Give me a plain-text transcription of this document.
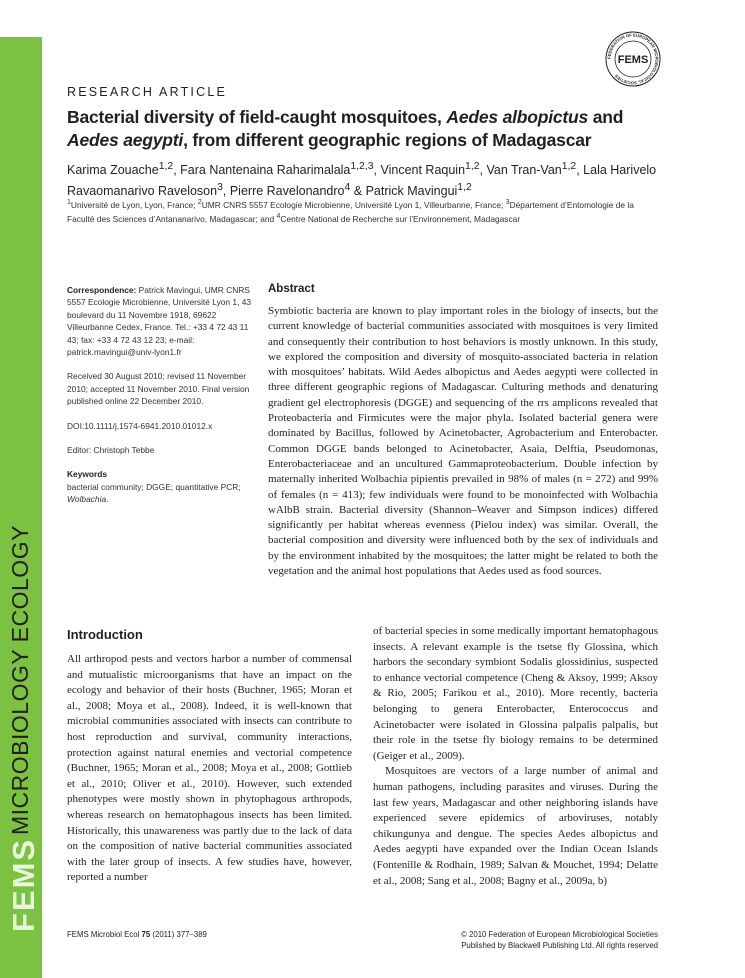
FEMS
MICROBIOLOGY ECOLOGY
FEDERATION OF EUROPEAN MICROBIOLOGICAL SOCIETIES
FEMS
RESEARCH ARTICLE
Bacterial diversity of field-caught mosquitoes, Aedes albopictus and Aedes aegypti, from different geographic regions of Madagascar
Karima Zouache$^{1,2}$, Fara Nantenaina Raharimalala$^{1,2,3}$, Vincent Raquin$^{1,2}$, Van Tran-Van$^{1,2}$, Lala Harivelo Ravaomanarivo Raveloson$^3$, Pierre Ravelonandro$^4$ & Patrick Mavingui$^{1,2}$
$^1$Université de Lyon, Lyon, France; $^2$UMR CNRS 5557 Ecologie Microbienne, Université Lyon 1, Villeurbanne, France; $^3$Département d’Entomologie de la Faculté des Sciences d’Antananarivo, Madagascar; and $^4$Centre National de Recherche sur l’Environnement, Madagascar
Correspondence: Patrick Mavingui, UMR CNRS 5557 Ecologie Microbienne, Université Lyon 1, 43 boulevard du 11 Novembre 1918, 69622 Villeurbanne Cedex, France. Tel.: +33 4 72 43 11 43; fax: +33 4 72 43 12 23; e-mail: patrick.mavingui@univ-lyon1.fr
Received 30 August 2010; revised 11 November 2010; accepted 11 November 2010. Final version published online 22 December 2010.
DOI:10.1111/j.1574-6941.2010.01012.x
Editor: Christoph Tebbe
Keywords
bacterial community; DGGE; quantitative PCR; Wolbachia.
Abstract
Symbiotic bacteria are known to play important roles in the biology of insects, but the current knowledge of bacterial communities associated with mosquitoes is very limited and consequently their contribution to host behaviors is mostly unknown. In this study, we explored the composition and diversity of mosquito-associated bacteria in relation with mosquitoes’ habitats. Wild Aedes albopictus and Aedes aegypti were collected in three different geographic regions of Madagascar. Culturing methods and denaturing gradient gel electrophoresis (DGGE) and sequencing of the rrs amplicons revealed that Proteobacteria and Firmicutes were the major phyla. Isolated bacterial genera were dominated by Bacillus, followed by Acinetobacter, Agrobacterium and Enterobacter. Common DGGE bands belonged to Acinetobacter, Asaia, Delftia, Pseudomonas, Enterobacteriaceae and an uncultured Gammaproteobacterium. Double infection by maternally inherited Wolbachia pipientis prevailed in 98% of males (n = 272) and 99% of females (n = 413); few individuals were found to be monoinfected with Wolbachia wAlbB strain. Bacterial diversity (Shannon–Weaver and Simpson indices) differed significantly per habitat whereas evenness (Pielou index) was similar. Overall, the bacterial composition and diversity were influenced both by the sex of individuals and by the environment inhabited by the mosquitoes; the latter might be related to both the vegetation and the animal host populations that Aedes used as food sources.
Introduction

All arthropod pests and vectors harbor a number of commensal and mutualistic microorganisms that have an impact on the ecology and behavior of their hosts (Buchner, 1965; Moran et al., 2008; Moya et al., 2008). Indeed, it is well-known that microbial communities associated with insects can contribute to host reproduction and survival, community interactions, protection against natural enemies and vectorial competence (Buchner, 1965; Moran et al., 2008; Moya et al., 2008; Gottlieb et al., 2010; Oliver et al., 2010). However, such extended phenotypes were mostly shown in phytophagous arthropods, whereas research on hematophagous insects has been limited. Historically, this unawareness was partly due to the lack of data on the composition of native bacterial communities associated with the later group of insects. A few studies have, however, reported a number

of bacterial species in some medically important hematophagous insects. A relevant example is the tsetse fly Glossina, which harbors the secondary symbiont Sodalis glossidinius, suspected to enhance vectorial competence (Cheng & Aksoy, 1999; Aksoy & Rio, 2005; Farikou et al., 2010). More recently, bacteria belonging to genera Enterobacter, Enterococcus and Acinetobacter were isolated in Glossina palpalis palpalis, but their role in the tsetse fly biology remains to be determined (Geiger et al., 2009).

Mosquitoes are vectors of a large number of animal and human pathogens, including parasites and viruses. During the last few years, Madagascar and other neighboring islands have experienced severe epidemics of arboviruses, notably chikungunya and dengue. The species Aedes albopictus and Aedes aegypti have expanded over the Indian Ocean Islands (Fontenille & Rodhain, 1989; Salvan & Mouchet, 1994; Delatte et al., 2008; Sang et al., 2008; Bagny et al., 2009a, b)

FEMS Microbiol Ecol 75 (2011) 377–389	© 2010 Federation of European Microbiological Societies
Published by Blackwell Publishing Ltd. All rights reserved
